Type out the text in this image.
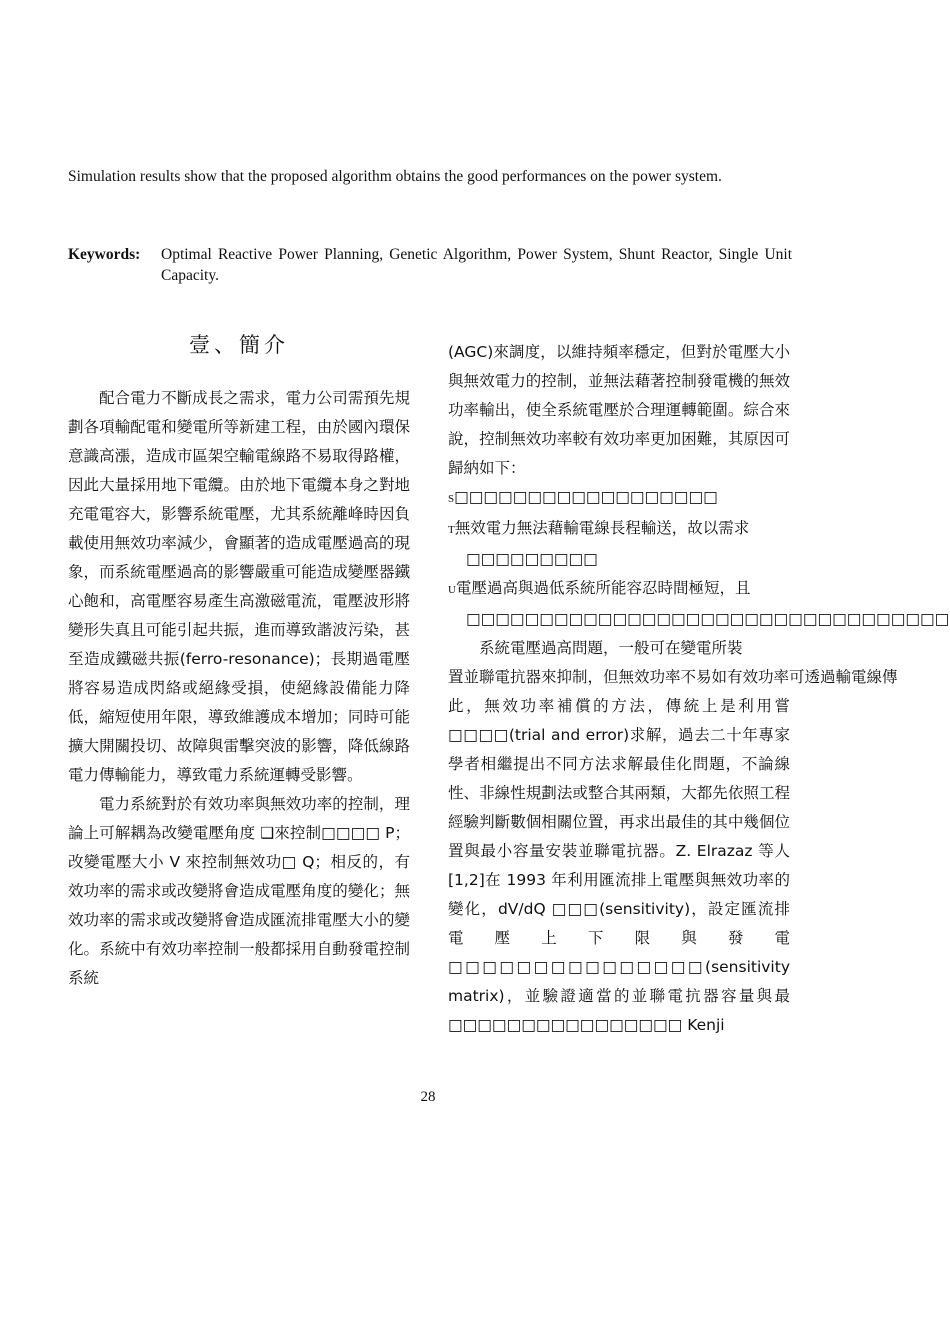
Simulation results show that the proposed algorithm obtains the good performances on the power system.
Keywords:	Optimal Reactive Power Planning, Genetic Algorithm, Power System, Shunt Reactor, Single Unit Capacity.
壹、簡介

配合電力不斷成長之需求，電力公司需預先規劃各項輸配電和變電所等新建工程，由於國內環保意識高漲，造成市區架空輸電線路不易取得路權，因此大量採用地下電纜。由於地下電纜本身之對地充電電容大，影響系統電壓，尤其系統離峰時因負載使用無效功率減少，會顯著的造成電壓過高的現象，而系統電壓過高的影響嚴重可能造成變壓器鐵心飽和，高電壓容易產生高激磁電流，電壓波形將變形失真且可能引起共振，進而導致諧波污染，甚至造成鐵磁共振(ferro-resonance)；長期過電壓將容易造成閃絡或絕緣受損，使絕緣設備能力降低，縮短使用年限，導致維護成本增加；同時可能擴大開關投切、故障與雷擊突波的影響，降低線路電力傳輸能力，導致電力系統運轉受影響。

電力系統對於有效功率與無效功率的控制，理論上可解耦為改變電壓角度 ❑來控制□□□□ P；改變電壓大小 V 來控制無效功□ Q；相反的，有效功率的需求或改變將會造成電壓角度的變化；無效功率的需求或改變將會造成匯流排電壓大小的變化。系統中有效功率控制一般都採用自動發電控制系統

(AGC)來調度，以維持頻率穩定，但對於電壓大小與無效電力的控制，並無法藉著控制發電機的無效功率輸出，使全系統電壓於合理運轉範圍。綜合來說，控制無效功率較有效功率更加困難，其原因可歸納如下：

S□□□□□□□□□□□□□□□□□□

T無效電力無法藉輸電線長程輸送，故以需求
□□□□□□□□□

U電壓過高與過低系統所能容忍時間極短，且
□□□□□□□□□□□□□□□□□□□□□□□□□□□□□□□□□

系統電壓過高問題，一般可在變電所裝

置並聯電抗器來抑制，但無效功率不易如有效功率可透過輸電線傳

此，無效功率補償的方法，傳統上是利用嘗□□□□(trial and error)求解，過去二十年專家學者相繼提出不同方法求解最佳化問題，不論線性、非線性規劃法或整合其兩類，大都先依照工程經驗判斷數個相關位置，再求出最佳的其中幾個位置與最小容量安裝並聯電抗器。Z. Elrazaz 等人[1,2]在 1993 年利用匯流排上電壓與無效功率的變化，dV/dQ □□□(sensitivity)，設定匯流排電壓上下限與發電□□□□□□□□□□□□□□□(sensitivity matrix)，並驗證適當的並聯電抗器容量與最□□□□□□□□□□□□□□□□ Kenji

28
